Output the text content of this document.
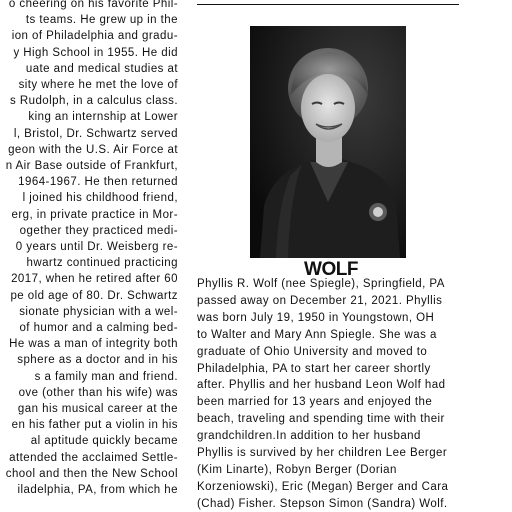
o cheering on his favorite Phil-
ts teams. He grew up in the
ion of Philadelphia and gradu-
y High School in 1955. He did
uate and medical studies at
sity where he met the love of
s Rudolph, in a calculus class.
king an internship at Lower
l, Bristol, Dr. Schwartz served
geon with the U.S. Air Force at
n Air Base outside of Frankfurt,
1964-1967. He then returned
l joined his childhood friend,
erg, in private practice in Mor-
ogether they practiced medi-
0 years until Dr. Weisberg re-
hwartz continued practicing
2017, when he retired after 60
pe old age of 80. Dr. Schwartz
sionate physician with a wel-
of humor and a calming bed-
He was a man of integrity both
sphere as a doctor and in his
s a family man and friend.
ove (other than his wife) was
gan his musical career at the
en his father put a violin in his
al aptitude quickly became
attended the acclaimed Settle-
chool and then the New School
iladelphia, PA, from which he
WOLF
Phyllis R. Wolf (nee Spiegle), Springfield, PA
passed away on December 21, 2021. Phyllis
was born July 19, 1950 in Youngstown, OH
to Walter and Mary Ann Spiegle. She was a
graduate of Ohio University and moved to
Philadelphia, PA to start her career shortly
after. Phyllis and her husband Leon Wolf had
been married for 13 years and enjoyed the
beach, traveling and spending time with their
grandchildren.In addition to her husband
Phyllis is survived by her children Lee Berger
(Kim Linarte), Robyn Berger (Dorian
Korzeniowski), Eric (Megan) Berger and Cara
(Chad) Fisher. Stepson Simon (Sandra) Wolf.
